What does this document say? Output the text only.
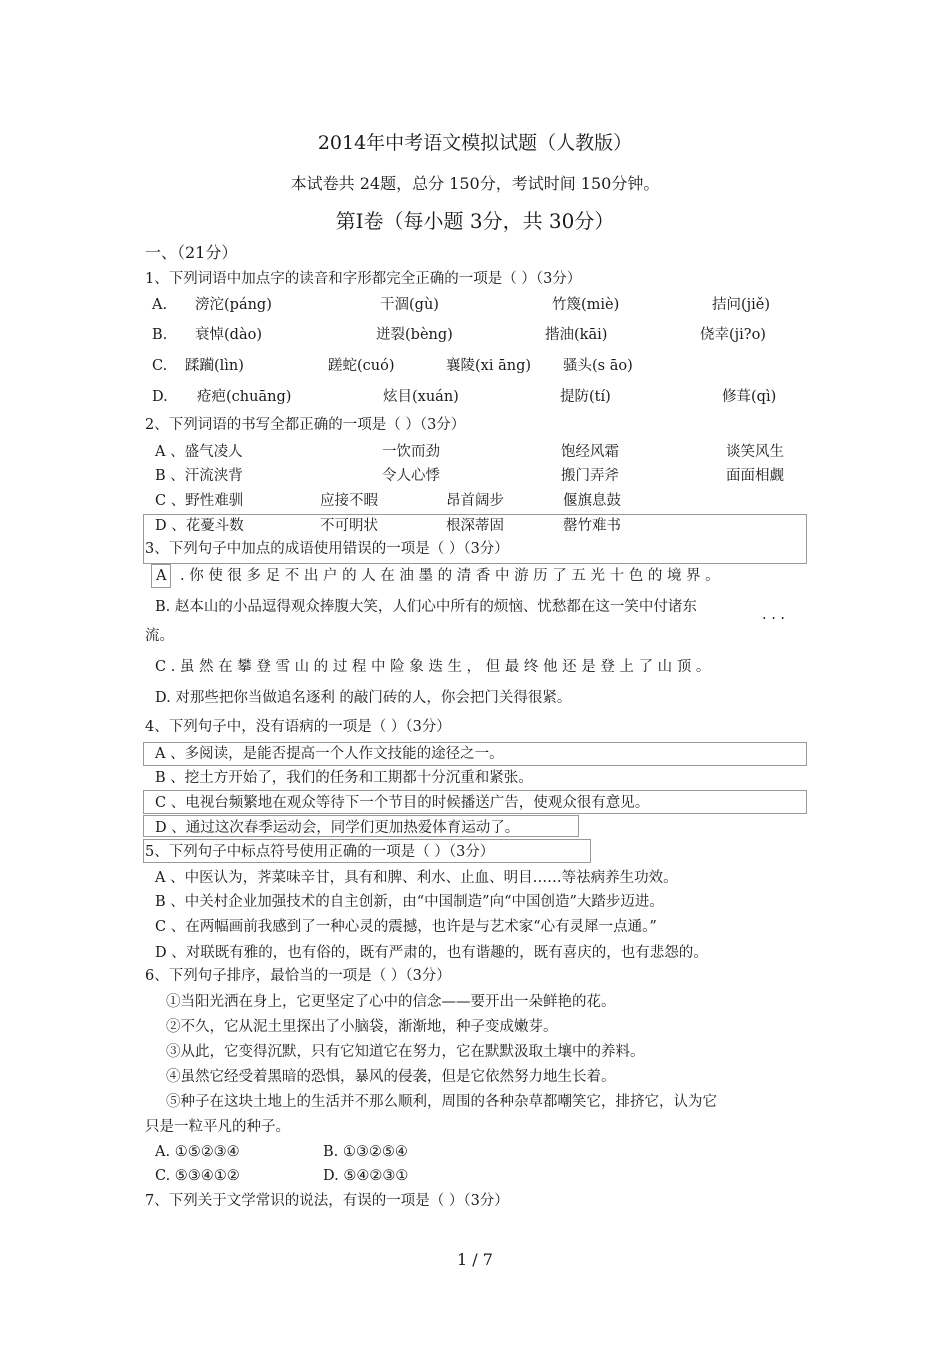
2014年中考语文模拟试题（人教版）
本试卷共 24题，总分 150分，考试时间 150分钟。
第Ⅰ卷（每小题 3分，共 30分）
一、（21分）
1、下列词语中加点字的读音和字形都完全正确的一项是（ ）（3分）
A. 滂沱(páng)	干涸(gù)	竹篾(miè)	拮问(jiě)
B. 衰悼(dào)	迸裂(bèng)	揩油(kāi)	侥幸(ji?o)
C. 蹂躏(lìn)	蹉蛇(cuó)	襄陵(xi āng) 骚头(s āo)
D. 疮疤(chuāng)	炫目(xuán)	提防(tí)	修葺(qì)
2、下列词语的书写全都正确的一项是（ ）（3分）
A 、盛气凌人	一饮而劲	饱经风霜	谈笑风生
B 、汗流浃背	令人心悸	搬门弄斧	面面相觑
C 、野性难驯	应接不暇	昂首阔步	偃旗息鼓
D 、花憂斗数	不可明状	根深蒂固	罄竹难书
3、下列句子中加点的成语使用错误的一项是（ ）（3分）
A . 你 使 很 多 足 不 出 户 的 人 在 油 墨 的 清 香 中 游 历 了 五 光 十 色 的 境 界 。
B. 赵本山的小品逗得观众捧腹大笑，人们心中所有的烦恼、忧愁都在这一笑中付诸东	. . .
流。
C . 虽 然 在 攀 登 雪 山 的 过 程 中 险 象 迭 生 ， 但 最 终 他 还 是 登 上 了 山 顶 。
D. 对那些把你当做追名逐利 的敲门砖的人，你会把门关得很紧。
4、下列句子中，没有语病的一项是（ ）（3分）
A 、多阅读，是能否提高一个人作文技能的途径之一。
B 、挖土方开始了，我们的任务和工期都十分沉重和紧张。
C 、电视台频繁地在观众等待下一个节目的时候播送广告，使观众很有意见。
D 、通过这次春季运动会，同学们更加热爱体育运动了。
5、下列句子中标点符号使用正确的一项是（ ）（3分）
A 、中医认为，荠菜味辛甘，具有和脾、利水、止血、明目……等祛病养生功效。
B 、中关村企业加强技术的自主创新，由“中国制造”向“中国创造”大踏步迈进。
C 、在两幅画前我感到了一种心灵的震撼，也许是与艺术家“心有灵犀一点通。”
D 、对联既有雅的，也有俗的，既有严肃的，也有谐趣的，既有喜庆的，也有悲怨的。
6、下列句子排序，最恰当的一项是（ ）（3分）
①当阳光洒在身上，它更坚定了心中的信念——要开出一朵鲜艳的花。
②不久，它从泥土里探出了小脑袋，渐渐地，种子变成嫩芽。
③从此，它变得沉默，只有它知道它在努力，它在默默汲取土壤中的养料。
④虽然它经受着黑暗的恐惧，暴风的侵袭，但是它依然努力地生长着。
⑤种子在这块土地上的生活并不那么顺利，周围的各种杂草都嘲笑它，排挤它，认为它
只是一粒平凡的种子。
A. ①⑤②③④	B. ①③②⑤④
C. ⑤③④①②	D. ⑤④②③①
7、下列关于文学常识的说法，有误的一项是（ ）（3分）
1 / 7
